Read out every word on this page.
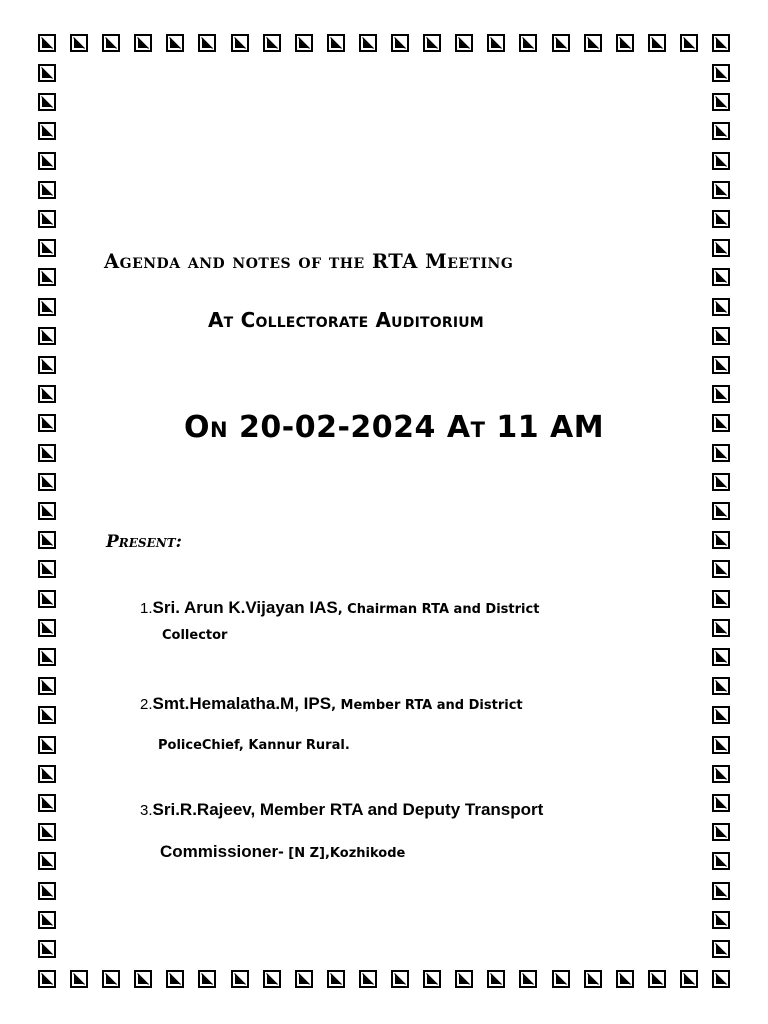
Agenda and notes of the RTA Meeting
At Collectorate Auditorium
On 20-02-2024 At 11 AM
Present:
1.Sri. Arun K.Vijayan IAS, Chairman RTA and District
Collector
2.Smt.Hemalatha.M, IPS, Member RTA and District
PoliceChief, Kannur Rural.
3.Sri.R.Rajeev, Member RTA and Deputy Transport
Commissioner- [N Z],Kozhikode
